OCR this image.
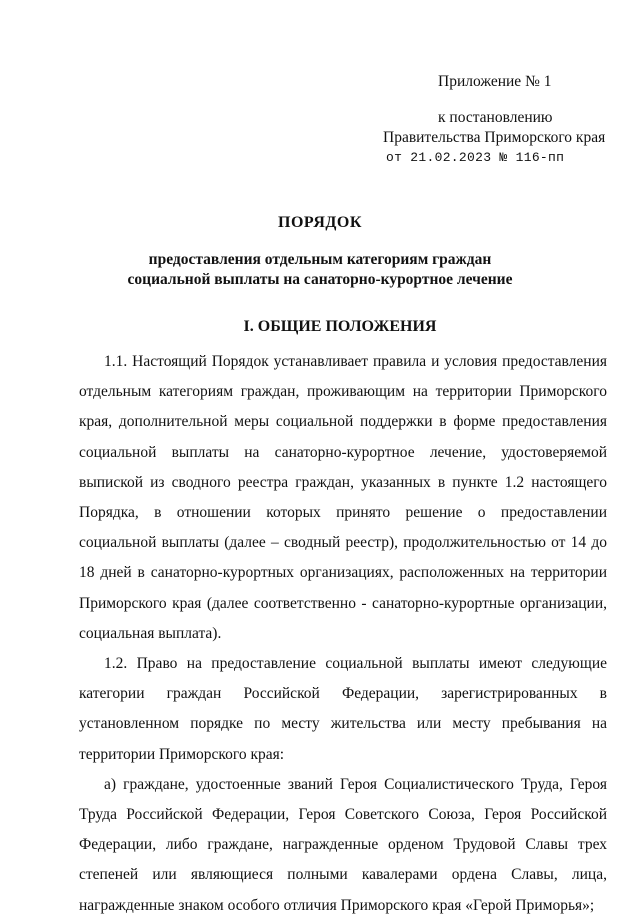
Приложение № 1
к постановлению
Правительства Приморского края
от 21.02.2023 № 116-пп
ПОРЯДОК
предоставления отдельным категориям граждан
социальной выплаты на санаторно-курортное лечение
I. ОБЩИЕ ПОЛОЖЕНИЯ

1.1. Настоящий Порядок устанавливает правила и условия предоставления отдельным категориям граждан, проживающим на территории Приморского края, дополнительной меры социальной поддержки в форме предоставления социальной выплаты на санаторно-курортное лечение, удостоверяемой выпиской из сводного реестра граждан, указанных в пункте 1.2 настоящего Порядка, в отношении которых принято решение о предоставлении социальной выплаты (далее – сводный реестр), продолжительностью от 14 до 18 дней в санаторно-курортных организациях, расположенных на территории Приморского края (далее соответственно - санаторно-курортные организации, социальная выплата).

1.2. Право на предоставление социальной выплаты имеют следующие категории граждан Российской Федерации, зарегистрированных в установленном порядке по месту жительства или месту пребывания на территории Приморского края:

а) граждане, удостоенные званий Героя Социалистического Труда, Героя Труда Российской Федерации, Героя Советского Союза, Героя Российской Федерации, либо граждане, награжденные орденом Трудовой Славы трех степеней или являющиеся полными кавалерами ордена Славы, лица, награжденные знаком особого отличия Приморского края «Герой Приморья»;
